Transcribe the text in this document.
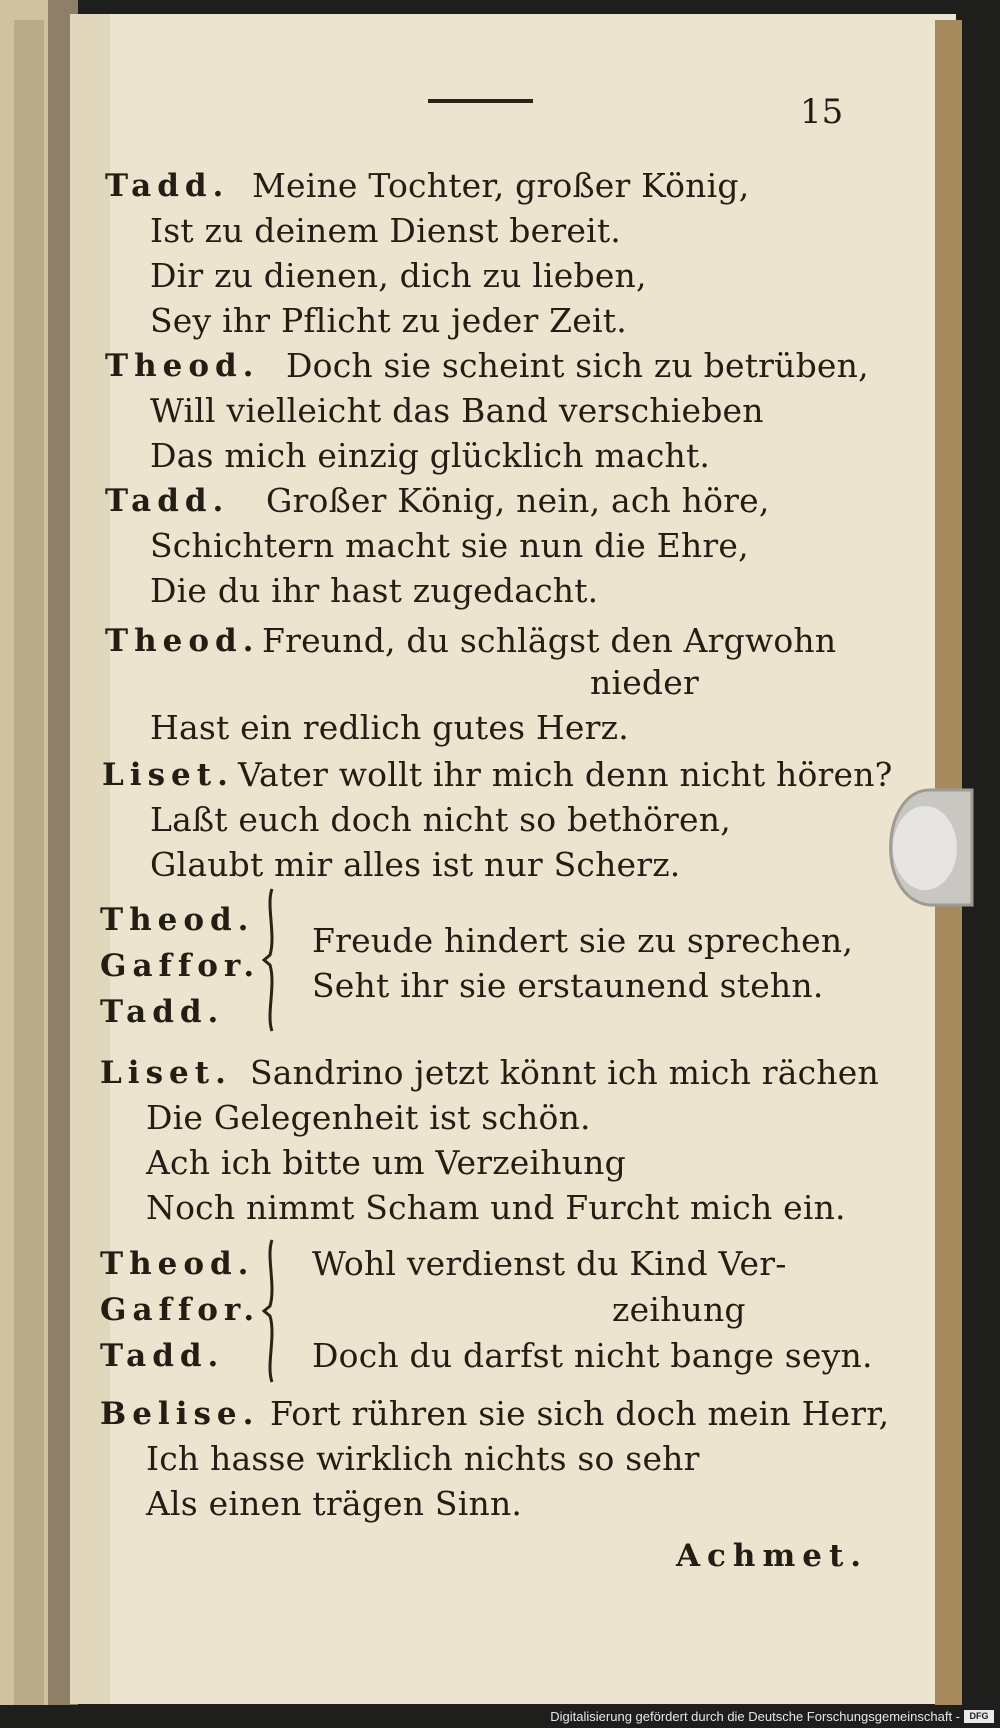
15
Tadd. Meine Tochter, großer König,
Ist zu deinem Dienst bereit.
Dir zu dienen, dich zu lieben,
Sey ihr Pflicht zu jeder Zeit.
Theod. Doch sie scheint sich zu betrüben,
Will vielleicht das Band verschieben
Das mich einzig glücklich macht.
Tadd. Großer König, nein, ach höre,
Schichtern macht sie nun die Ehre,
Die du ihr hast zugedacht.
Theod. Freund, du schlägst den Argwohn
nieder
Hast ein redlich gutes Herz.
Liset. Vater wollt ihr mich denn nicht hören?
Laßt euch doch nicht so bethören,
Glaubt mir alles ist nur Scherz.
Theod.
Gaffor.
Tadd.
Freude hindert sie zu sprechen,
Seht ihr sie erstaunend stehn.
Liset. Sandrino jetzt könnt ich mich rächen
Die Gelegenheit ist schön.
Ach ich bitte um Verzeihung
Noch nimmt Scham und Furcht mich ein.
Theod.
Gaffor.
Tadd.
Wohl verdienst du Kind Ver-
zeihung
Doch du darfst nicht bange seyn.
Belise. Fort rühren sie sich doch mein Herr,
Ich hasse wirklich nichts so sehr
Als einen trägen Sinn.
Achmet.
Digitalisierung gefördert durch die Deutsche Forschungsgemeinschaft -	DFG
